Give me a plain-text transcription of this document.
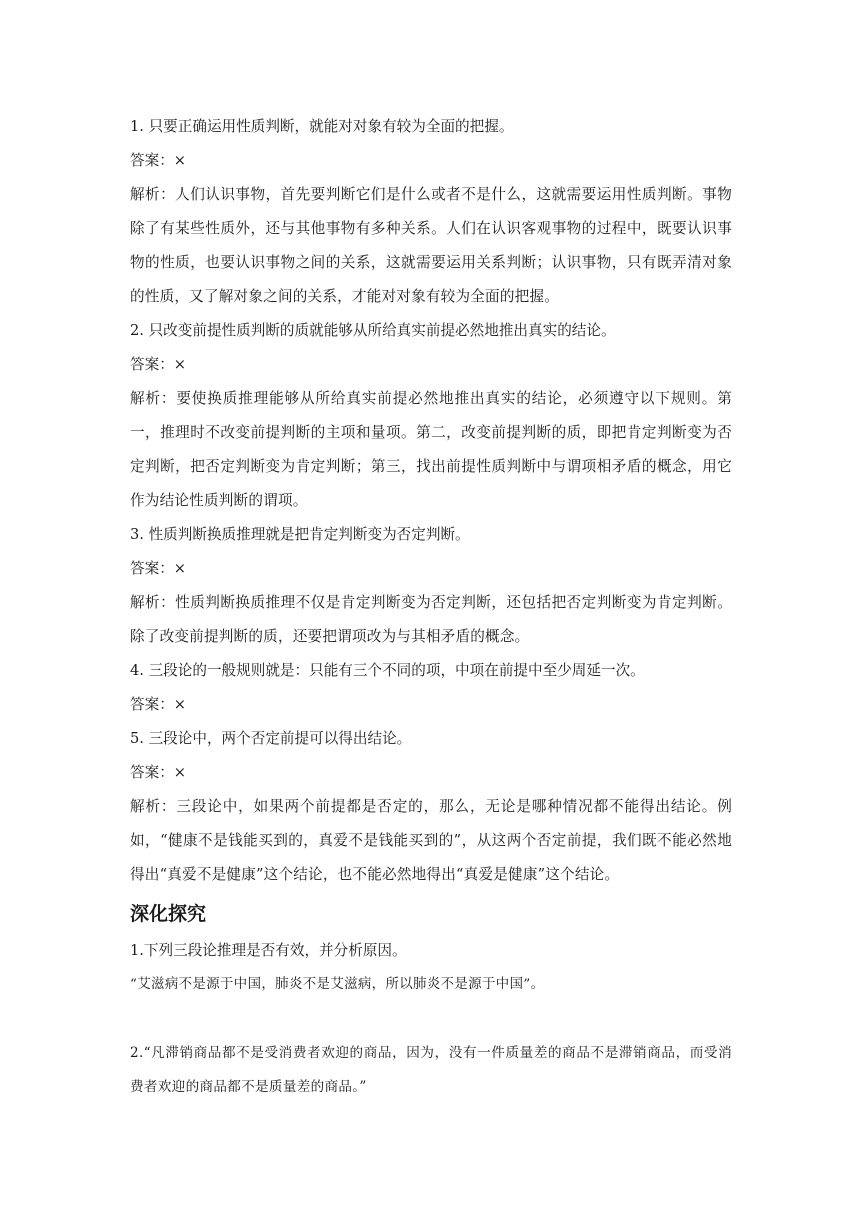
1. 只要正确运用性质判断，就能对对象有较为全面的把握。

答案：×

解析：人们认识事物，首先要判断它们是什么或者不是什么，这就需要运用性质判断。事物除了有某些性质外，还与其他事物有多种关系。人们在认识客观事物的过程中，既要认识事物的性质，也要认识事物之间的关系，这就需要运用关系判断；认识事物，只有既弄清对象的性质，又了解对象之间的关系，才能对对象有较为全面的把握。

2. 只改变前提性质判断的质就能够从所给真实前提必然地推出真实的结论。

答案：×

解析：要使换质推理能够从所给真实前提必然地推出真实的结论，必须遵守以下规则。第一，推理时不改变前提判断的主项和量项。第二，改变前提判断的质，即把肯定判断变为否定判断，把否定判断变为肯定判断；第三，找出前提性质判断中与谓项相矛盾的概念，用它作为结论性质判断的谓项。

3. 性质判断换质推理就是把肯定判断变为否定判断。

答案：×

解析：性质判断换质推理不仅是肯定判断变为否定判断，还包括把否定判断变为肯定判断。除了改变前提判断的质，还要把谓项改为与其相矛盾的概念。

4. 三段论的一般规则就是：只能有三个不同的项，中项在前提中至少周延一次。

答案：×

5. 三段论中，两个否定前提可以得出结论。

答案：×

解析：三段论中，如果两个前提都是否定的，那么，无论是哪种情况都不能得出结论。例如，“健康不是钱能买到的，真爱不是钱能买到的”，从这两个否定前提，我们既不能必然地得出“真爱不是健康”这个结论，也不能必然地得出“真爱是健康”这个结论。

深化探究

1.下列三段论推理是否有效，并分析原因。

“艾滋病不是源于中国，肺炎不是艾滋病，所以肺炎不是源于中国”。

2.“凡滞销商品都不是受消费者欢迎的商品，因为，没有一件质量差的商品不是滞销商品，而受消费者欢迎的商品都不是质量差的商品。”
